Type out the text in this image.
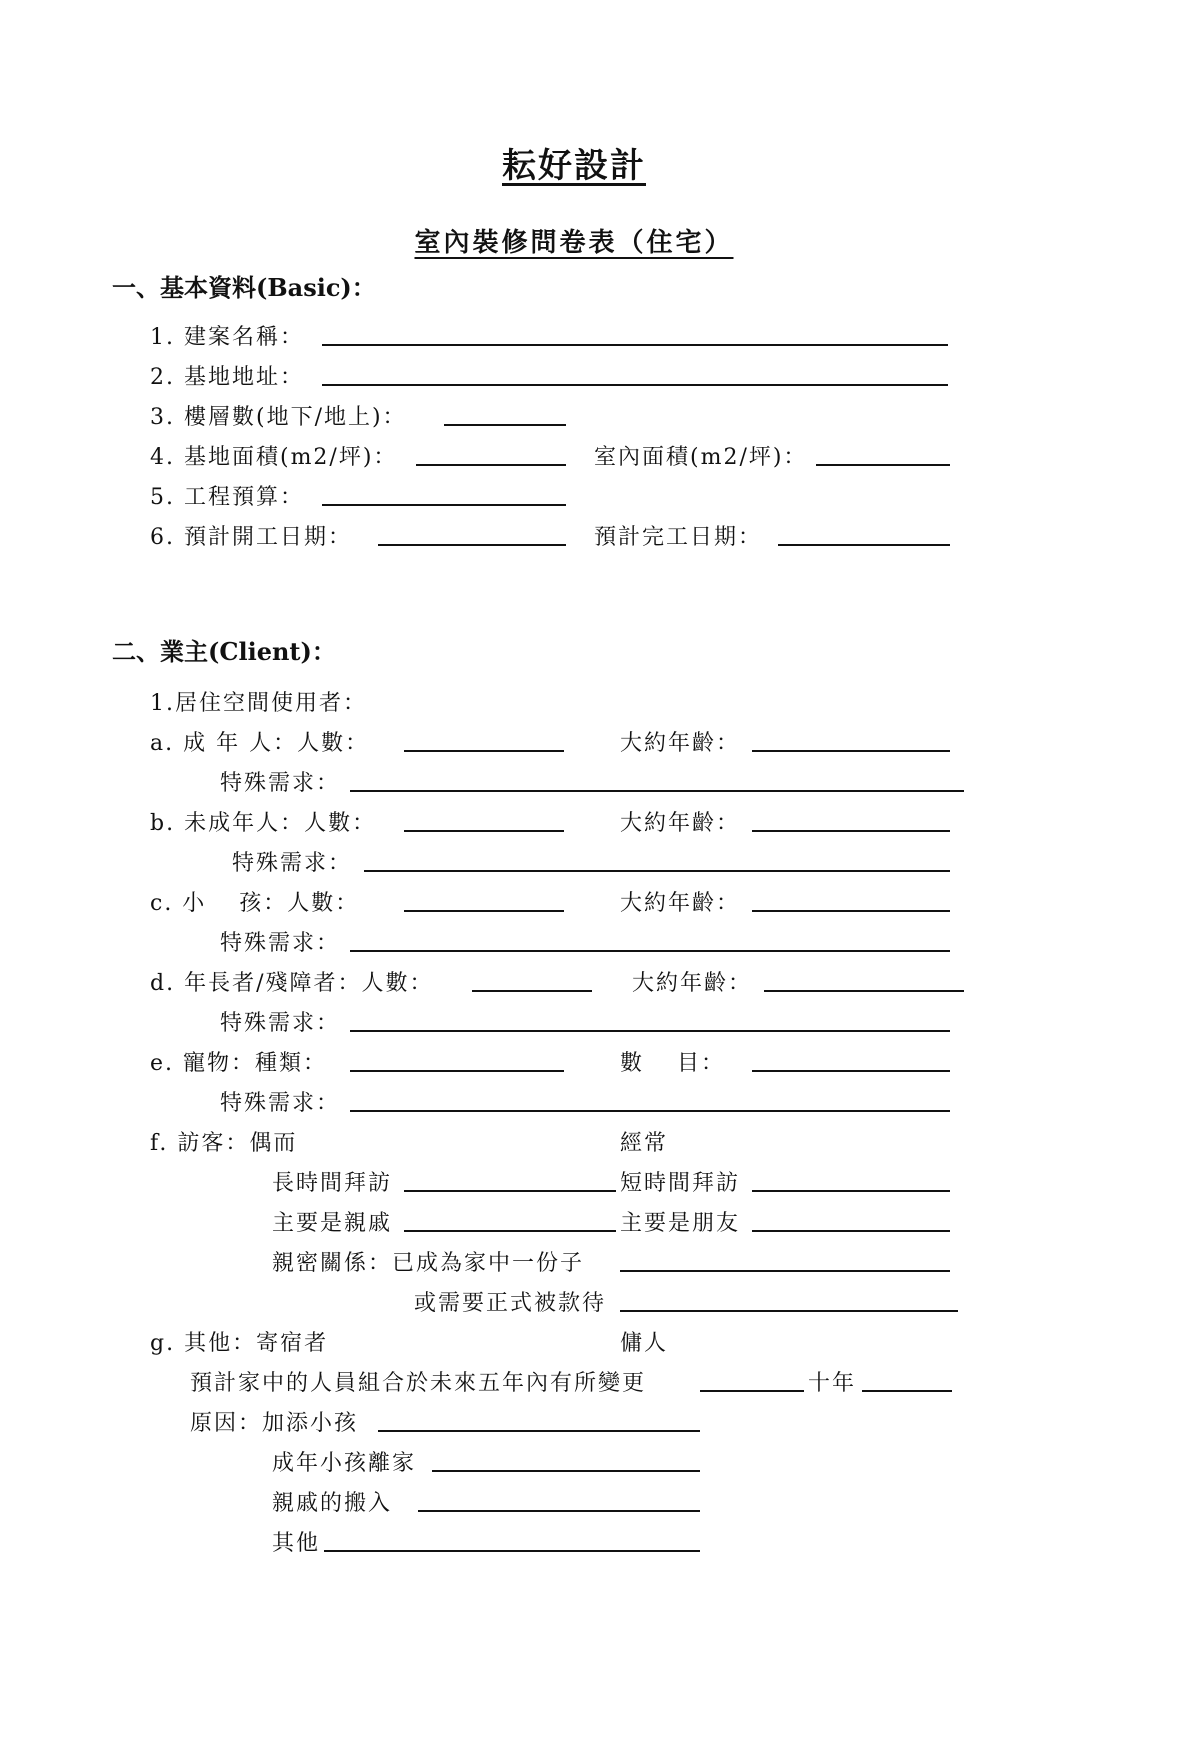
耘好設計
室內裝修問卷表（住宅）
一、基本資料(Basic)：
1. 建案名稱：
2. 基地地址：
3. 樓層數(地下/地上)：
4. 基地面積(m2/坪)：	室內面積(m2/坪)：
5. 工程預算：
6. 預計開工日期：	預計完工日期：
二、業主(Client)：
1.居住空間使用者：
a. 成 年 人：人數：	大約年齡：
特殊需求：
b. 未成年人：人數：	大約年齡：
特殊需求：
c. 小　 孩：人數：	大約年齡：
特殊需求：
d. 年長者/殘障者：人數：	大約年齡：
特殊需求：
e. 寵物：種類：	數　 目：
特殊需求：
f. 訪客：偶而	經常
長時間拜訪	短時間拜訪
主要是親戚	主要是朋友
親密關係：已成為家中一份子
或需要正式被款待
g. 其他：寄宿者	傭人
預計家中的人員組合於未來五年內有所變更	十年
原因：加添小孩
成年小孩離家
親戚的搬入
其他
